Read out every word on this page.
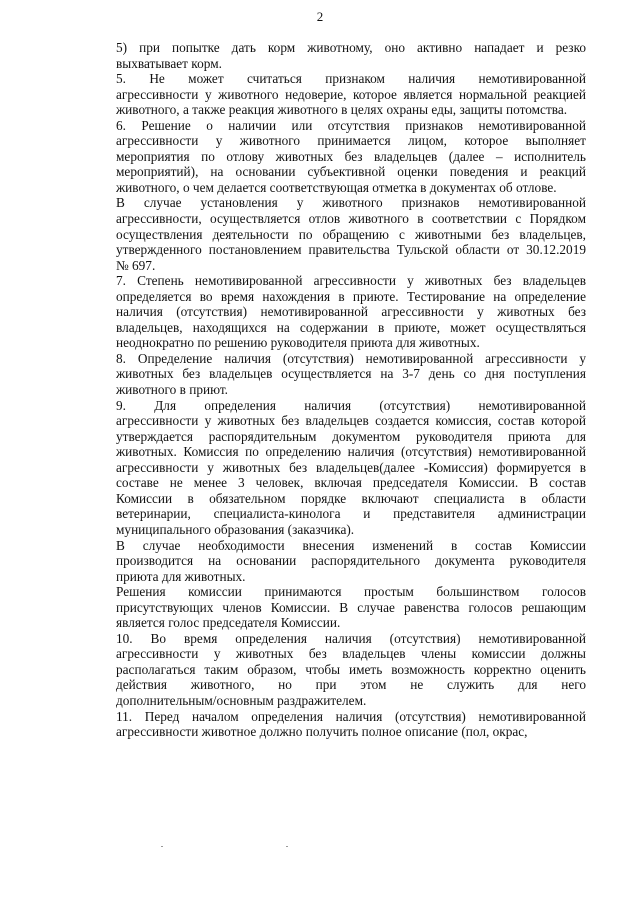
2
5) при попытке дать корм животному, оно активно нападает и резко
выхватывает корм.
5. Не может считаться признаком наличия немотивированной
агрессивности у животного недоверие, которое является нормальной реакцией
животного, а также реакция животного в целях охраны еды, защиты потомства.
6. Решение о наличии или отсутствия признаков немотивированной
агрессивности у животного принимается лицом, которое выполняет
мероприятия по отлову животных без владельцев (далее – исполнитель
мероприятий), на основании субъективной оценки поведения и реакций
животного, о чем делается соответствующая отметка в документах об отлове.
В случае установления у животного признаков немотивированной
агрессивности, осуществляется отлов животного в соответствии с Порядком
осуществления деятельности по обращению с животными без владельцев,
утвержденного постановлением правительства Тульской области от 30.12.2019
№ 697.
7. Степень немотивированной агрессивности у животных без владельцев
определяется во время нахождения в приюте. Тестирование на определение
наличия (отсутствия) немотивированной агрессивности у животных без
владельцев, находящихся на содержании в приюте, может осуществляться
неоднократно по решению руководителя приюта для животных.
8. Определение наличия (отсутствия) немотивированной агрессивности у
животных без владельцев осуществляется на 3-7 день со дня поступления
животного в приют.
9. Для определения наличия (отсутствия) немотивированной
агрессивности у животных без владельцев создается комиссия, состав которой
утверждается распорядительным документом руководителя приюта для
животных. Комиссия по определению наличия (отсутствия) немотивированной
агрессивности у животных без владельцев(далее -Комиссия) формируется в
составе не менее 3 человек, включая председателя Комиссии. В состав
Комиссии в обязательном порядке включают специалиста в области
ветеринарии, специалиста-кинолога и представителя администрации
муниципального образования (заказчика).
В случае необходимости внесения изменений в состав Комиссии
производится на основании распорядительного документа руководителя
приюта для животных.
Решения комиссии принимаются простым большинством голосов
присутствующих членов Комиссии. В случае равенства голосов решающим
является голос председателя Комиссии.
10. Во время определения наличия (отсутствия) немотивированной
агрессивности у животных без владельцев члены комиссии должны
располагаться таким образом, чтобы иметь возможность корректно оценить
действия животного, но при этом не служить для него
дополнительным/основным раздражителем.
11. Перед началом определения наличия (отсутствия) немотивированной
агрессивности животное должно получить полное описание (пол, окрас,
